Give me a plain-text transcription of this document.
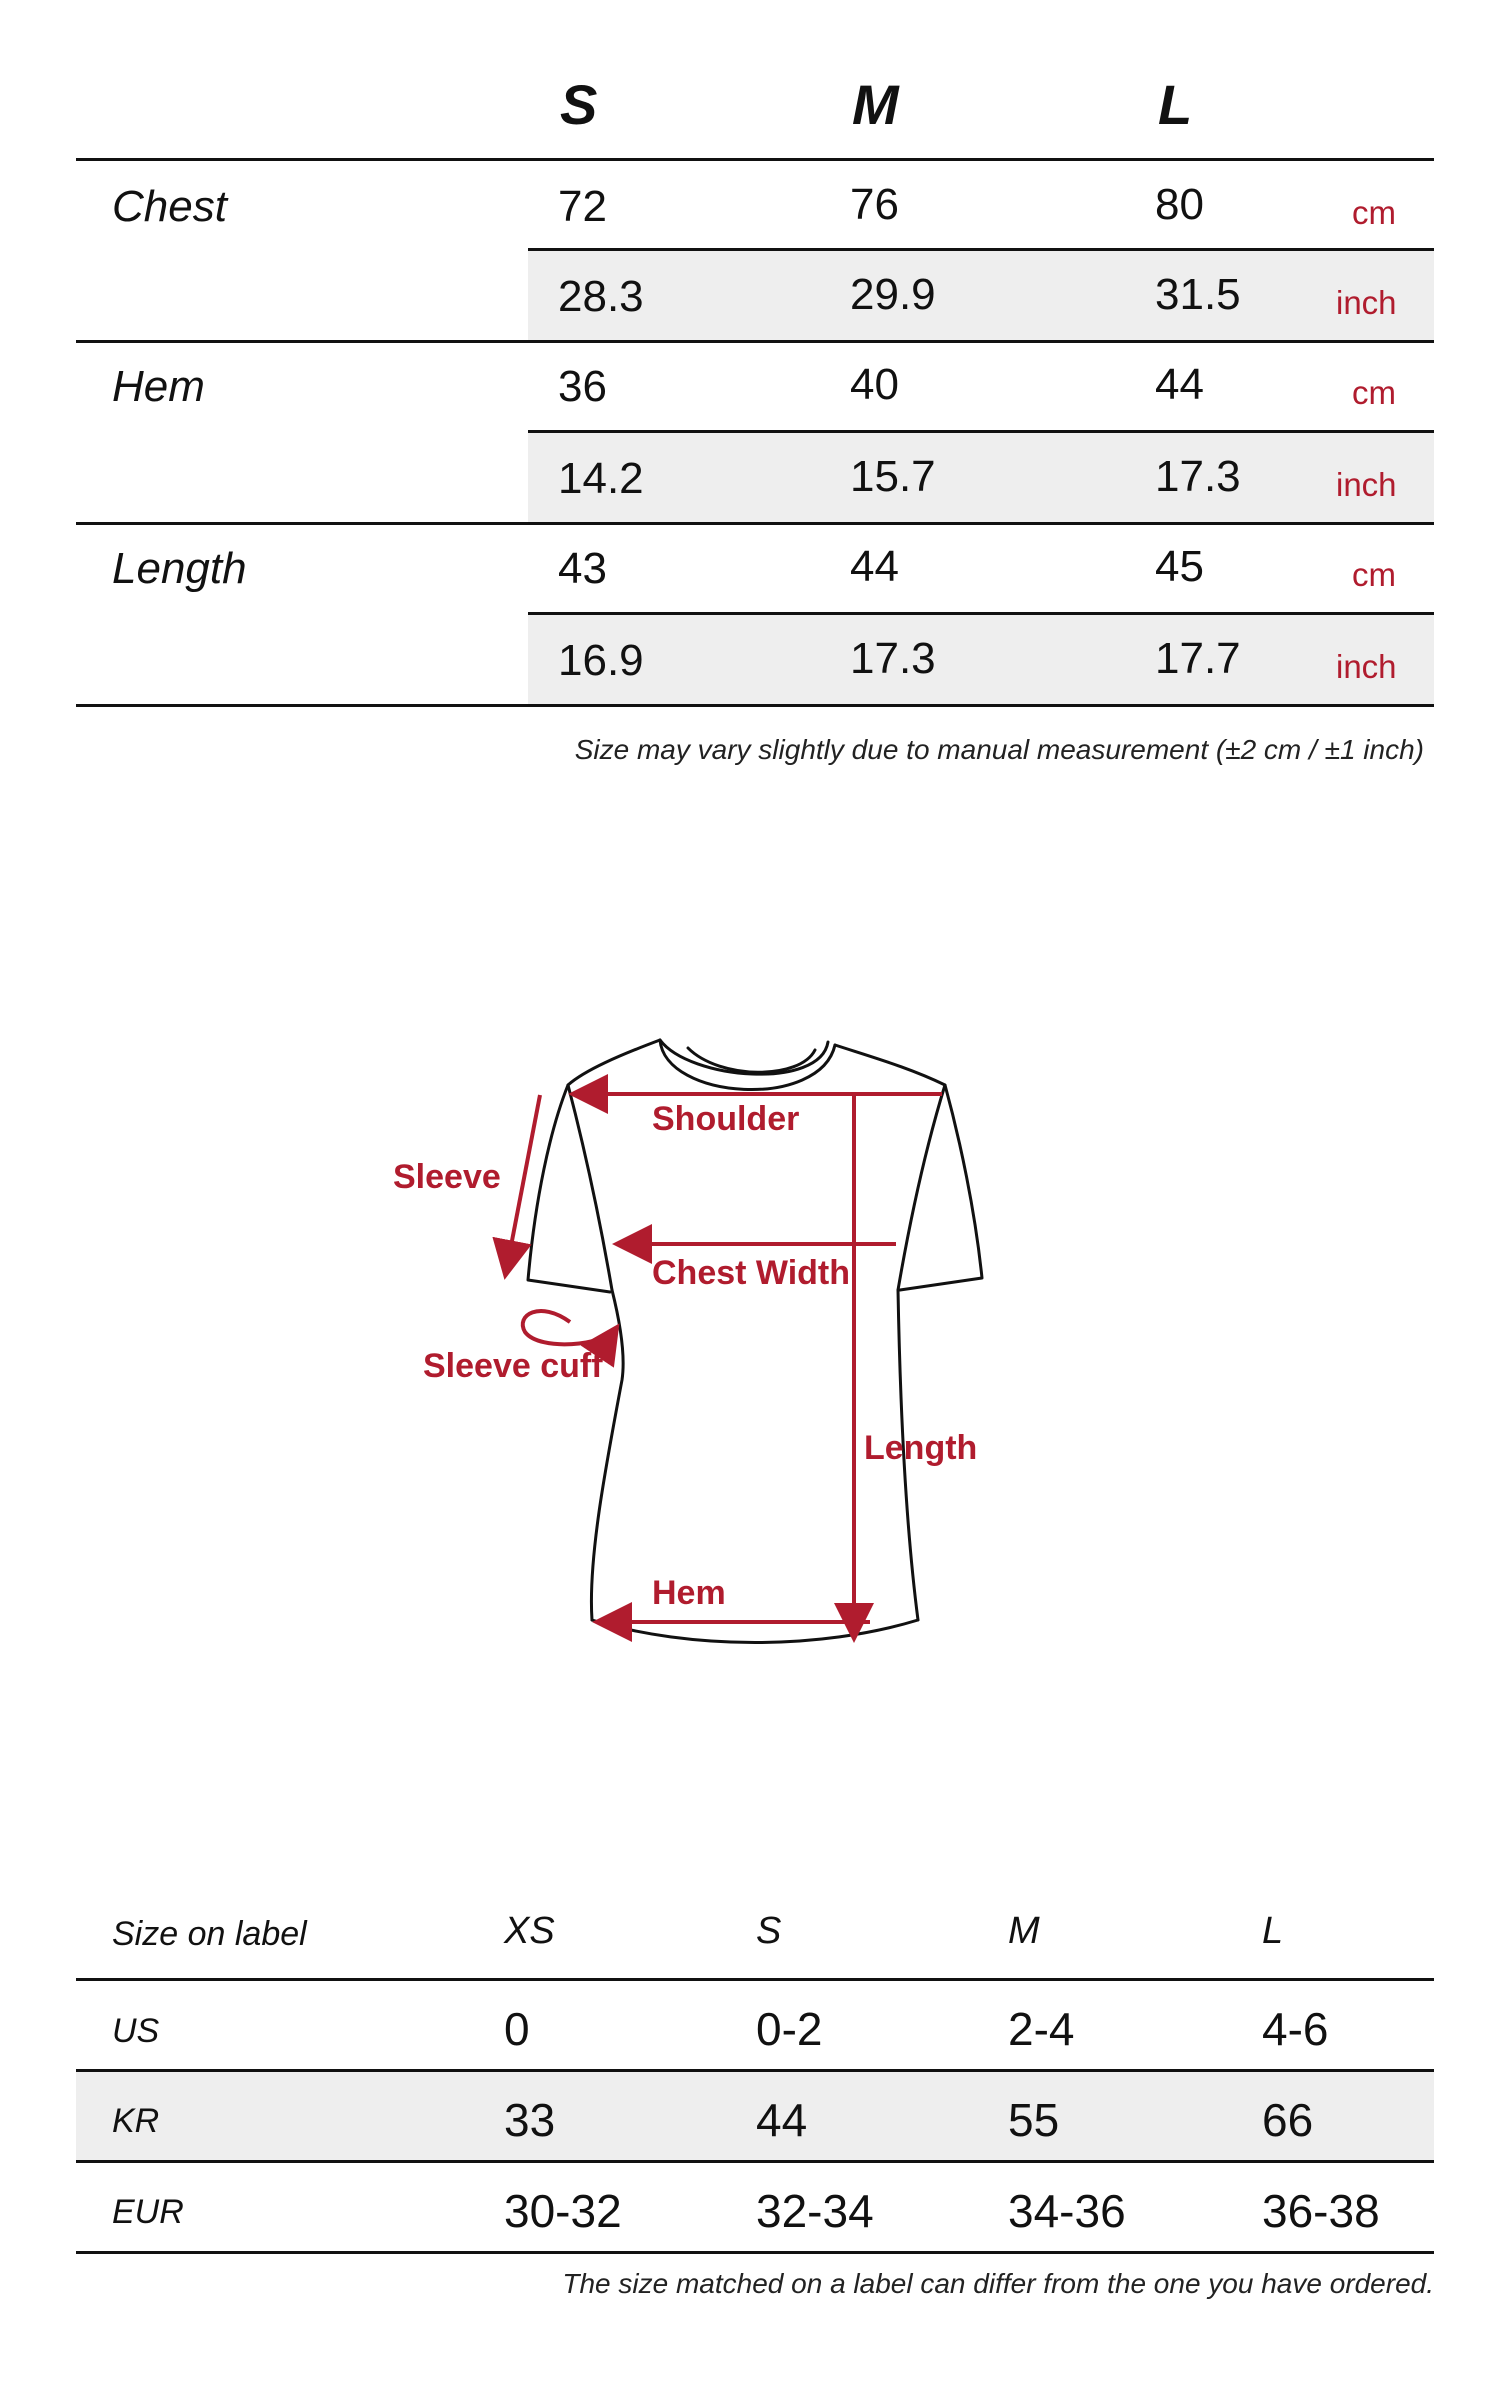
S	M	L
Chest	72	76	80	cm
28.3	29.9	31.5	inch
Hem	36	40	44	cm
14.2	15.7	17.3	inch
Length	43	44	45	cm
16.9	17.3	17.7	inch
Size may vary slightly due to manual measurement (±2 cm / ±1 inch)
Shoulder
Sleeve
Chest Width
Sleeve cuff
Length
Hem
Size on label	XS	S	M	L
US	0	0-2	2-4	4-6
KR	33	44	55	66
EUR	30-32	32-34	34-36	36-38
The size matched on a label can differ from the one you have ordered.
